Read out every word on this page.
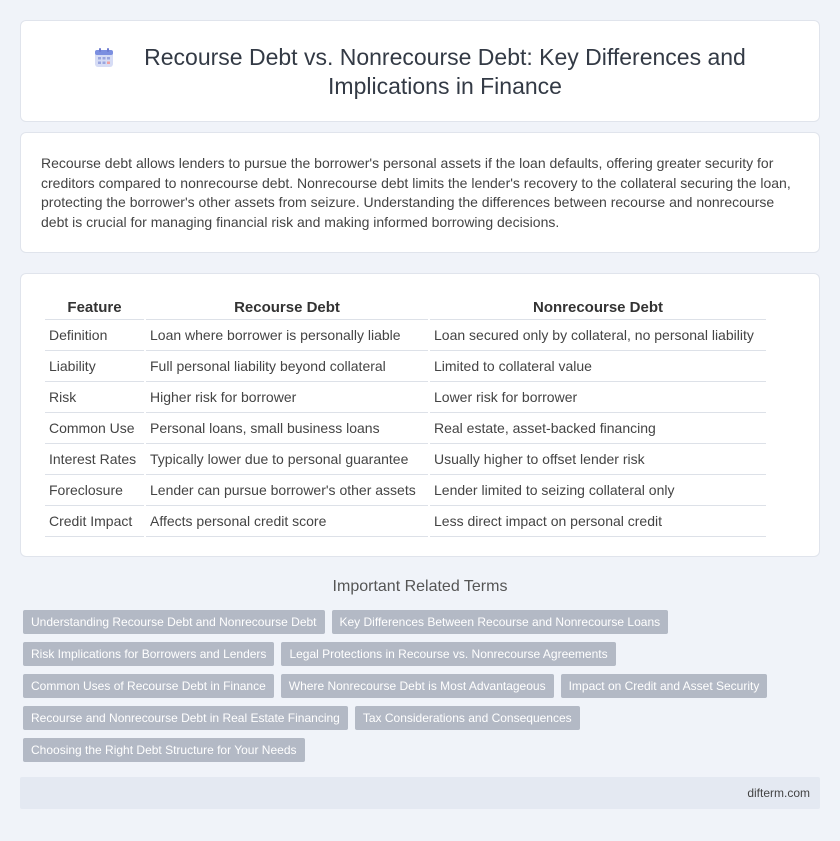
Recourse Debt vs. Nonrecourse Debt: Key Differences and Implications in Finance

Recourse debt allows lenders to pursue the borrower's personal assets if the loan defaults, offering greater security for creditors compared to nonrecourse debt. Nonrecourse debt limits the lender's recovery to the collateral securing the loan, protecting the borrower's other assets from seizure. Understanding the differences between recourse and nonrecourse debt is crucial for managing financial risk and making informed borrowing decisions.

Feature	Recourse Debt	Nonrecourse Debt
Definition	Loan where borrower is personally liable	Loan secured only by collateral, no personal liability
Liability	Full personal liability beyond collateral	Limited to collateral value
Risk	Higher risk for borrower	Lower risk for borrower
Common Use	Personal loans, small business loans	Real estate, asset-backed financing
Interest Rates	Typically lower due to personal guarantee	Usually higher to offset lender risk
Foreclosure	Lender can pursue borrower's other assets	Lender limited to seizing collateral only
Credit Impact	Affects personal credit score	Less direct impact on personal credit
Important Related Terms
Understanding Recourse Debt and Nonrecourse Debt	Key Differences Between Recourse and Nonrecourse Loans
Risk Implications for Borrowers and Lenders	Legal Protections in Recourse vs. Nonrecourse Agreements
Common Uses of Recourse Debt in Finance	Where Nonrecourse Debt is Most Advantageous	Impact on Credit and Asset Security
Recourse and Nonrecourse Debt in Real Estate Financing	Tax Considerations and Consequences
Choosing the Right Debt Structure for Your Needs
difterm.com
